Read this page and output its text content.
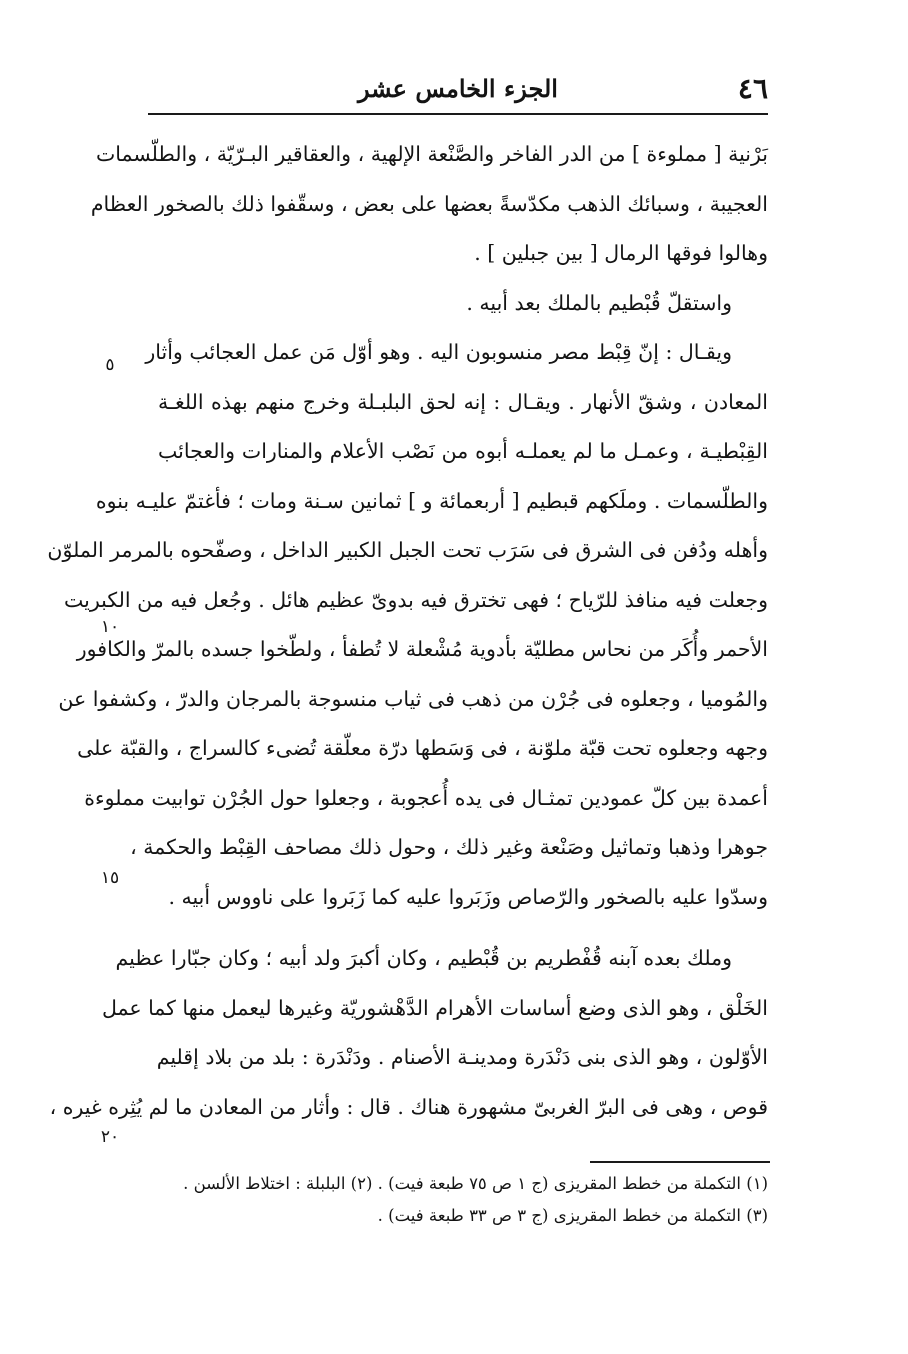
٤٦
الجزء الخامس عشر
بَرْنية [ مملوءة ] من الدر الفاخر والصَّنْعة الإلهية ، والعقاقير البـرّيّة ، والطلّسمات
العجيبة ، وسبائك الذهب مكدّسةً بعضها على بعض ، وسقّفوا ذلك بالصخور العظام
وهالوا فوقها الرمال [ بين جبلين ] .
واستقلّ قُبْطيم بالملك بعد أبيه .
ويقـال : إنّ قِبْط مصر منسوبون اليه . وهو أوّل مَن عمل العجائب وأثار
المعادن ، وشقّ الأنهار . ويقـال : إنه لحق البلبـلة وخرج منهم بهذه اللغـة
القِبْطيـة ، وعمـل ما لم يعملـه أبوه من نَصْب الأعلام والمنارات والعجائب
والطلّسمات . وملَكهم قبطيم [ أربعمائة و ] ثمانين سـنة ومات ؛ فأغتمّ عليـه بنوه
وأهله ودُفن فى الشرق فى سَرَب تحت الجبل الكبير الداخل ، وصفّحوه بالمرمر الملوّن
وجعلت فيه منافذ للرّياح ؛ فهى تخترق فيه بدوىّ عظيم هائل . وجُعل فيه من الكبريت
الأحمر وأُكَر من نحاس مطليّة بأدوية مُشْعلة لا تُطفأ ، ولطّخوا جسده بالمرّ والكافور
والمُوميا ، وجعلوه فى جُرْن من ذهب فى ثياب منسوجة بالمرجان والدرّ ، وكشفوا عن
وجهه وجعلوه تحت قبّة ملوّنة ، فى وَسَطها درّة معلّقة تُضىء كالسراج ، والقبّة على
أعمدة بين كلّ عمودين تمثـال فى يده أُعجوبة ، وجعلوا حول الجُرْن توابيت مملوءة
جوهرا وذهبا وتماثيل وصَنْعة وغير ذلك ، وحول ذلك مصاحف القِبْط والحكمة ،
وسدّوا عليه بالصخور والرّصاص وزَبَروا عليه كما زَبَروا على ناووس أبيه .
وملك بعده آبنه قُفْطريم بن قُبْطيم ، وكان أكبرَ ولد أبيه ؛ وكان جبّارا عظيم
الخَلْق ، وهو الذى وضع أساسات الأهرام الدَّهْشوريّة وغيرها ليعمل منها كما عمل
الأوّلون ، وهو الذى بنى دَنْدَرة ومدينـة الأصنام . ودَنْدَرة : بلد من بلاد إقليم
قوص ، وهى فى البرّ الغربىّ مشهورة هناك . قال : وأثار من المعادن ما لم يُثِره غيره ،
٥
١٠
١٥
٢٠
(١) التكملة من خطط المقريزى (ج ١ ص ٧٥ طبعة فيت) . (٢) البلبلة : اختلاط الألسن .
(٣) التكملة من خطط المقريزى (ج ٣ ص ٣٣ طبعة فيت) .
